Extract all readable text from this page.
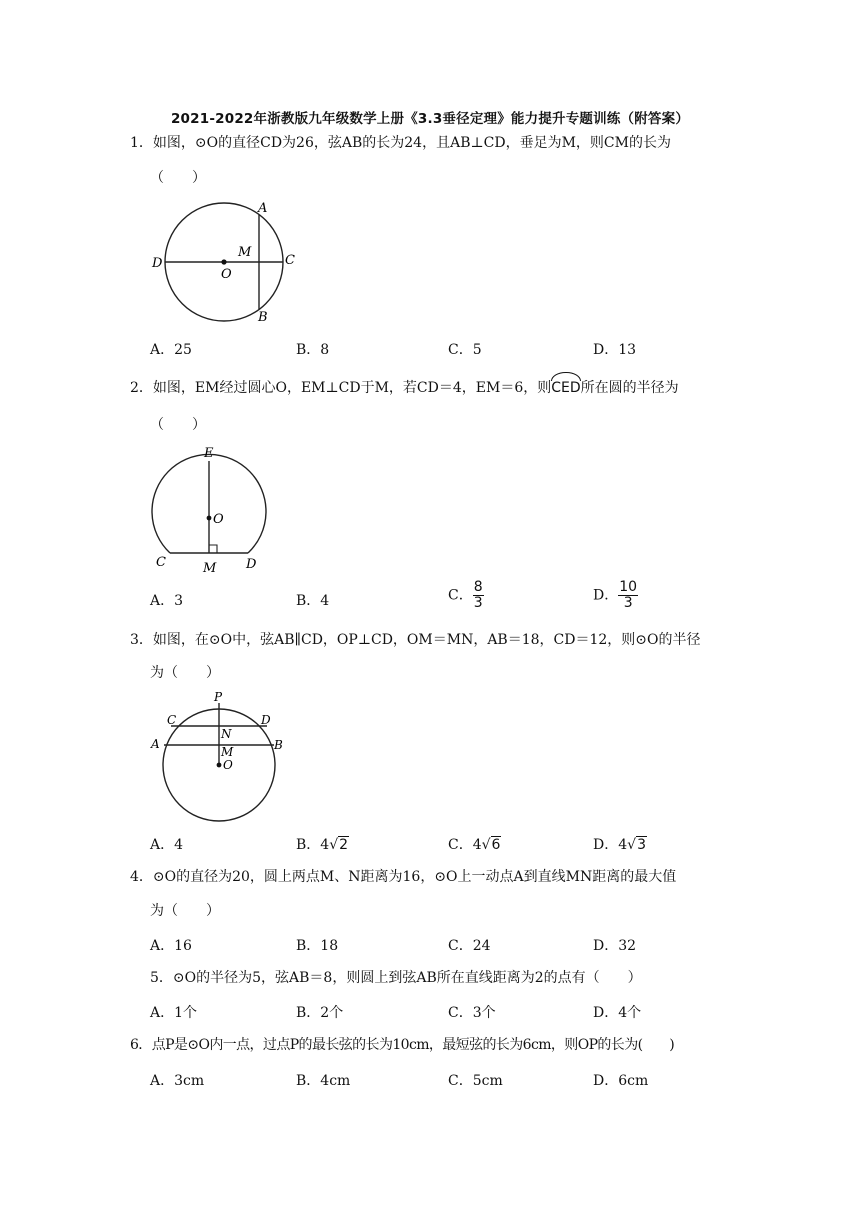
2021-2022年浙教版九年级数学上册《3.3垂径定理》能力提升专题训练（附答案）
1．如图，⊙O的直径CD为26，弦AB的长为24，且AB⊥CD，垂足为M，则CM的长为
（　　）
A
M
D
O
C
B
A．25	B．8	C．5	D．13
2．如图，EM经过圆心O，EM⊥CD于M，若CD＝4，EM＝6，则CED所在圆的半径为
（　　）
E
O
C	M D
A．3	B．4	C． $\frac{8}{3}$	D． $\frac{10}{3}$
3．如图，在⊙O中，弦AB∥CD，OP⊥CD，OM＝MN，AB＝18，CD＝12，则⊙O的半径
为（　　）
P
C	D
N
A	B
M
O
A．4	B．4√2	C．4√6	D．4√3
4．⊙O的直径为20，圆上两点M、N距离为16，⊙O上一动点A到直线MN距离的最大值
为（　　）
A．16	B．18	C．24	D．32
5．⊙O的半径为5，弦AB＝8，则圆上到弦AB所在直线距离为2的点有（　　）
A．1个	B．2个	C．3个	D．4个
6．点P是⊙O内一点，过点P的最长弦的长为10cm，最短弦的长为6cm，则OP的长为(　　)
A．3cm	B．4cm	C．5cm	D．6cm
